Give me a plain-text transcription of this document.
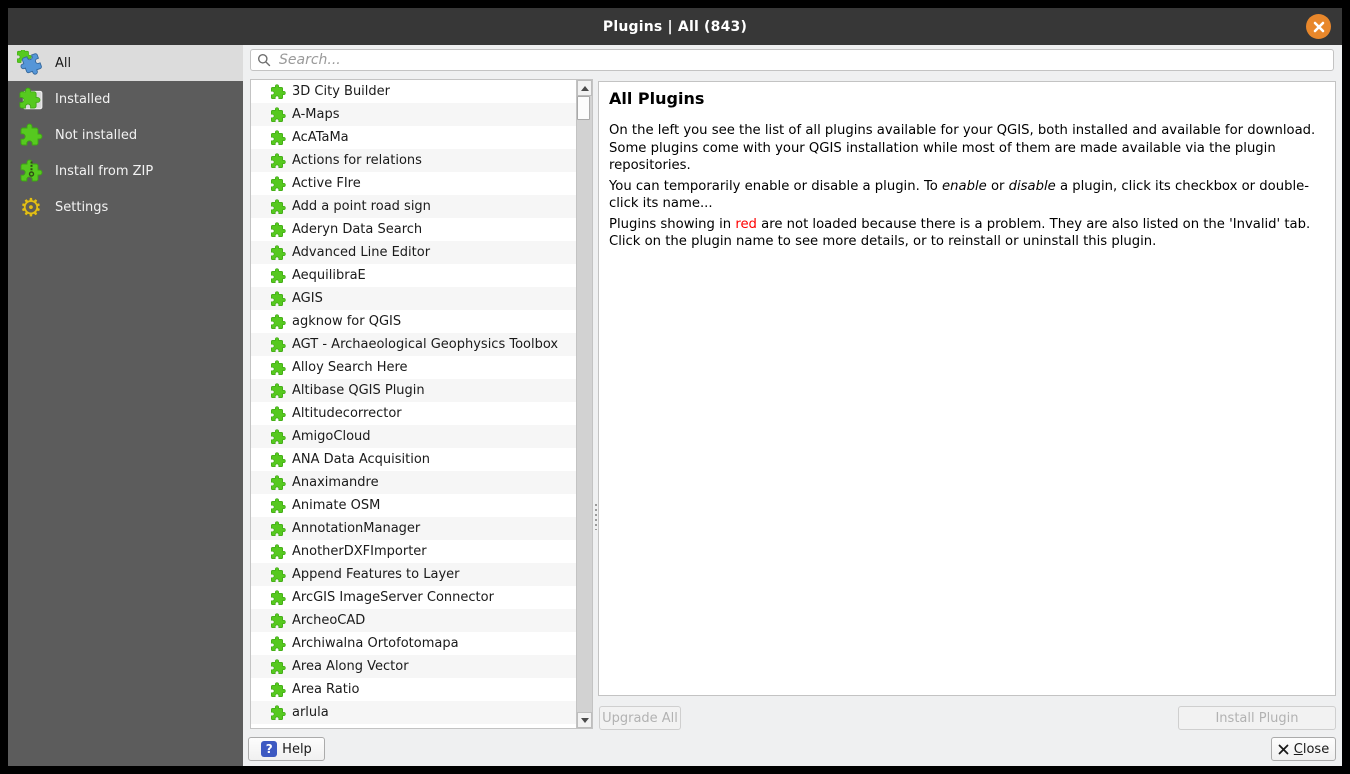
Plugins | All (843)
All
Installed
Not installed
Install from ZIP
⚙ Settings
Search...
3D City Builder
A-Maps
AcATaMa
Actions for relations
Active FIre
Add a point road sign
Aderyn Data Search
Advanced Line Editor
AequilibraE
AGIS
agknow for QGIS
AGT - Archaeological Geophysics Toolbox
Alloy Search Here
Altibase QGIS Plugin
Altitudecorrector
AmigoCloud
ANA Data Acquisition
Anaximandre
Animate OSM
AnnotationManager
AnotherDXFImporter
Append Features to Layer
ArcGIS ImageServer Connector
ArcheoCAD
Archiwalna Ortofotomapa
Area Along Vector
Area Ratio
arlula
All Plugins

On the left you see the list of all plugins available for your QGIS, both installed and available for download. Some plugins come with your QGIS installation while most of them are made available via the plugin repositories.

You can temporarily enable or disable a plugin. To enable or disable a plugin, click its checkbox or double-click its name...

Plugins showing in red are not loaded because there is a problem. They are also listed on the 'Invalid' tab. Click on the plugin name to see more details, or to reinstall or uninstall this plugin.

Upgrade All	Install Plugin
? Help	Close
